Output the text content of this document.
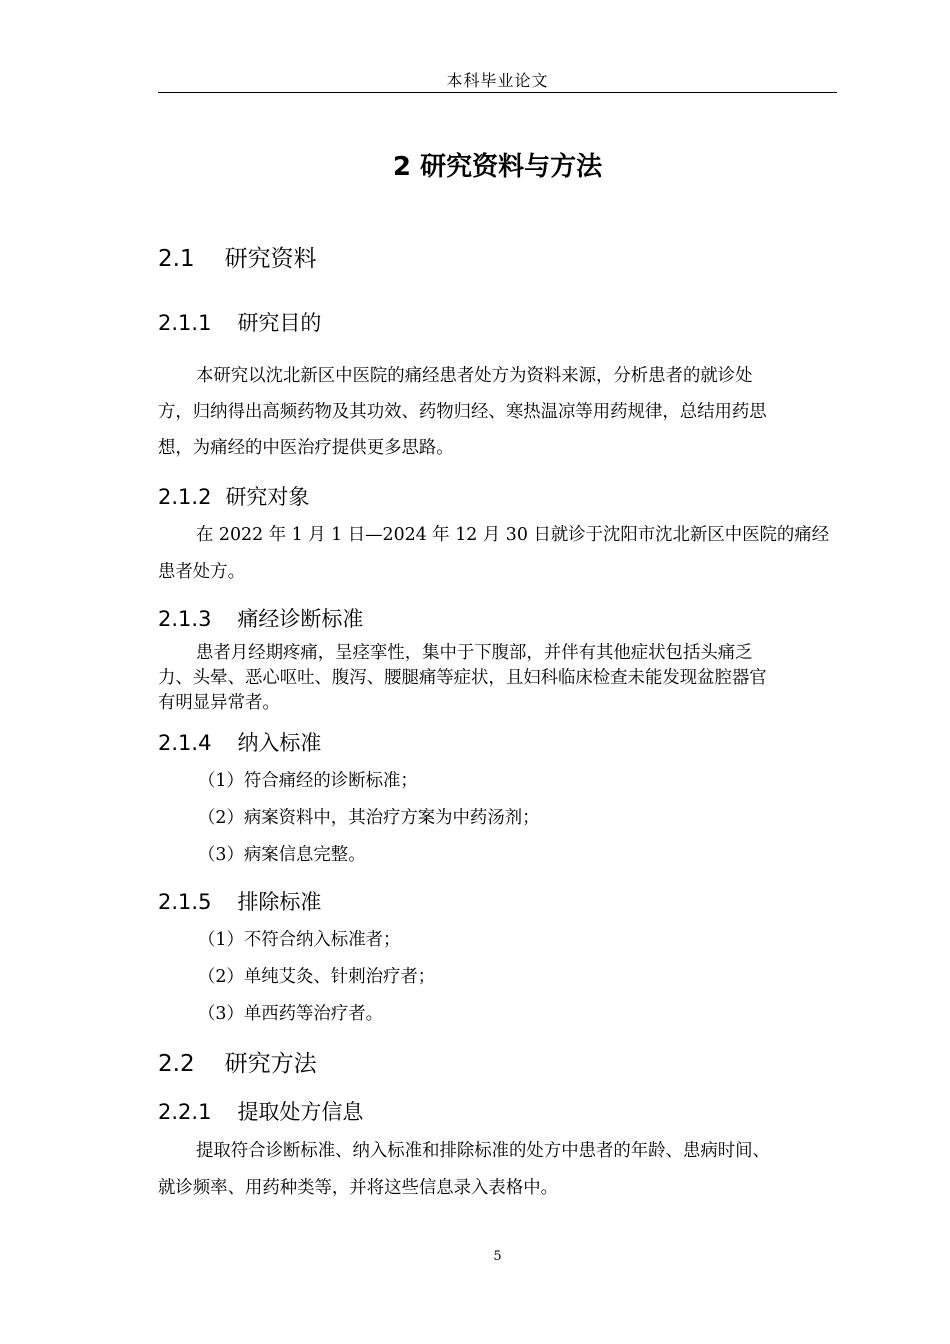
本科毕业论文
2 研究资料与方法
2.1 研究资料
2.1.1 研究目的
本研究以沈北新区中医院的痛经患者处方为资料来源，分析患者的就诊处
方，归纳得出高频药物及其功效、药物归经、寒热温凉等用药规律，总结用药思
想，为痛经的中医治疗提供更多思路。
2.1.2 研究对象
在 2022 年 1 月 1 日—2024 年 12 月 30 日就诊于沈阳市沈北新区中医院的痛经
患者处方。
2.1.3 痛经诊断标准
患者月经期疼痛，呈痉挛性，集中于下腹部，并伴有其他症状包括头痛乏
力、头晕、恶心呕吐、腹泻、腰腿痛等症状，且妇科临床检查未能发现盆腔器官
有明显异常者。
2.1.4 纳入标准
（1）符合痛经的诊断标准；
（2）病案资料中，其治疗方案为中药汤剂；
（3）病案信息完整。
2.1.5 排除标准
（1）不符合纳入标准者；
（2）单纯艾灸、针刺治疗者；
（3）单西药等治疗者。
2.2 研究方法
2.2.1 提取处方信息
提取符合诊断标准、纳入标准和排除标准的处方中患者的年龄、患病时间、
就诊频率、用药种类等，并将这些信息录入表格中。
5
